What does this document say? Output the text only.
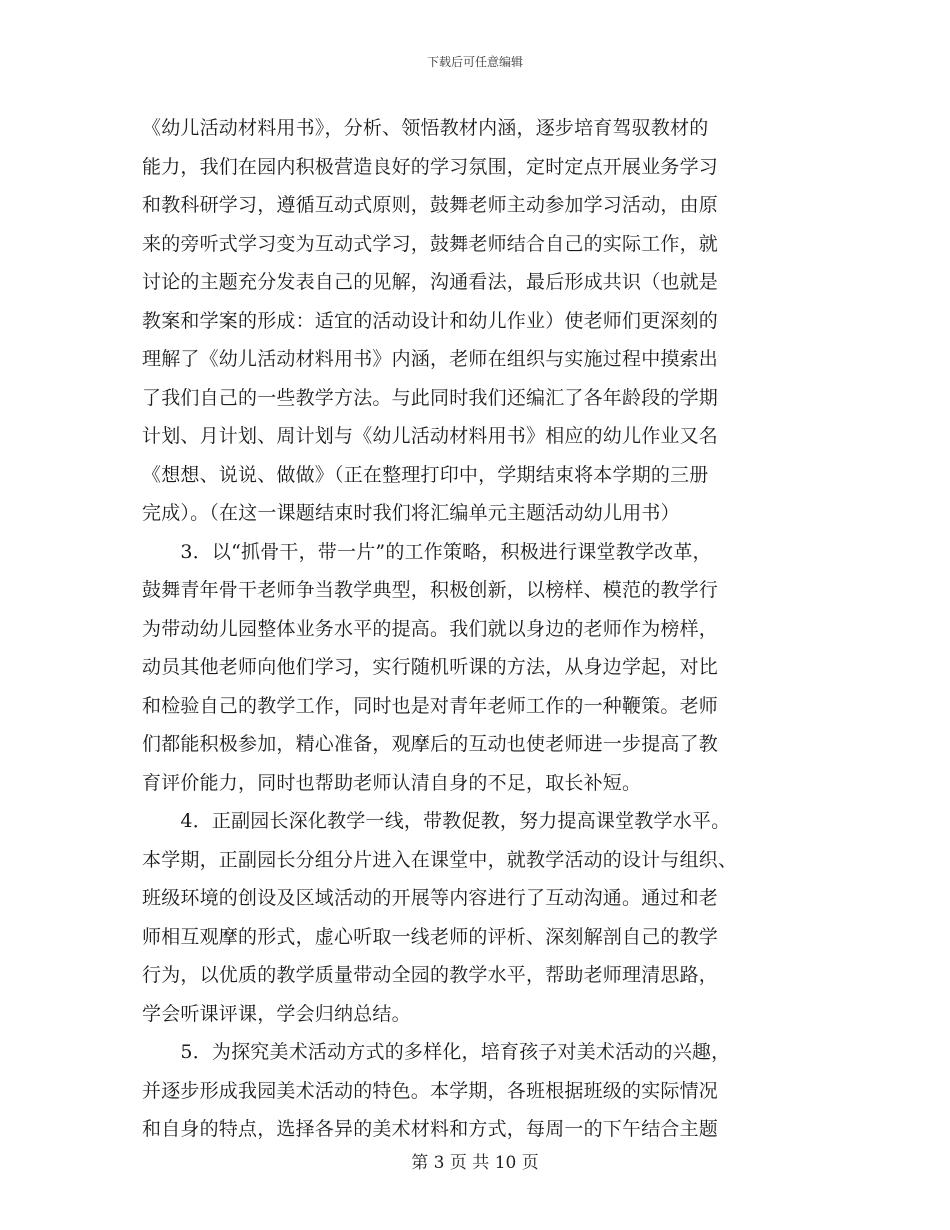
下载后可任意编辑
《幼儿活动材料用书》，分析、领悟教材内涵，逐步培育驾驭教材的
能力，我们在园内积极营造良好的学习氛围，定时定点开展业务学习
和教科研学习，遵循互动式原则，鼓舞老师主动参加学习活动，由原
来的旁听式学习变为互动式学习，鼓舞老师结合自己的实际工作，就
讨论的主题充分发表自己的见解，沟通看法，最后形成共识（也就是
教案和学案的形成：适宜的活动设计和幼儿作业）使老师们更深刻的
理解了《幼儿活动材料用书》内涵，老师在组织与实施过程中摸索出
了我们自己的一些教学方法。与此同时我们还编汇了各年龄段的学期
计划、月计划、周计划与《幼儿活动材料用书》相应的幼儿作业又名
《想想、说说、做做》（正在整理打印中，学期结束将本学期的三册
完成）。（在这一课题结束时我们将汇编单元主题活动幼儿用书）
　　3．以“抓骨干，带一片”的工作策略，积极进行课堂教学改革，
鼓舞青年骨干老师争当教学典型，积极创新，以榜样、模范的教学行
为带动幼儿园整体业务水平的提高。我们就以身边的老师作为榜样，
动员其他老师向他们学习，实行随机听课的方法，从身边学起，对比
和检验自己的教学工作，同时也是对青年老师工作的一种鞭策。老师
们都能积极参加，精心准备，观摩后的互动也使老师进一步提高了教
育评价能力，同时也帮助老师认清自身的不足，取长补短。
　　4．正副园长深化教学一线，带教促教，努力提高课堂教学水平。
本学期，正副园长分组分片进入在课堂中，就教学活动的设计与组织、
班级环境的创设及区域活动的开展等内容进行了互动沟通。通过和老
师相互观摩的形式，虚心听取一线老师的评析、深刻解剖自己的教学
行为，以优质的教学质量带动全园的教学水平，帮助老师理清思路，
学会听课评课，学会归纳总结。
　　5．为探究美术活动方式的多样化，培育孩子对美术活动的兴趣，
并逐步形成我园美术活动的特色。本学期，各班根据班级的实际情况
和自身的特点，选择各异的美术材料和方式，每周一的下午结合主题
第 3 页 共 10 页
